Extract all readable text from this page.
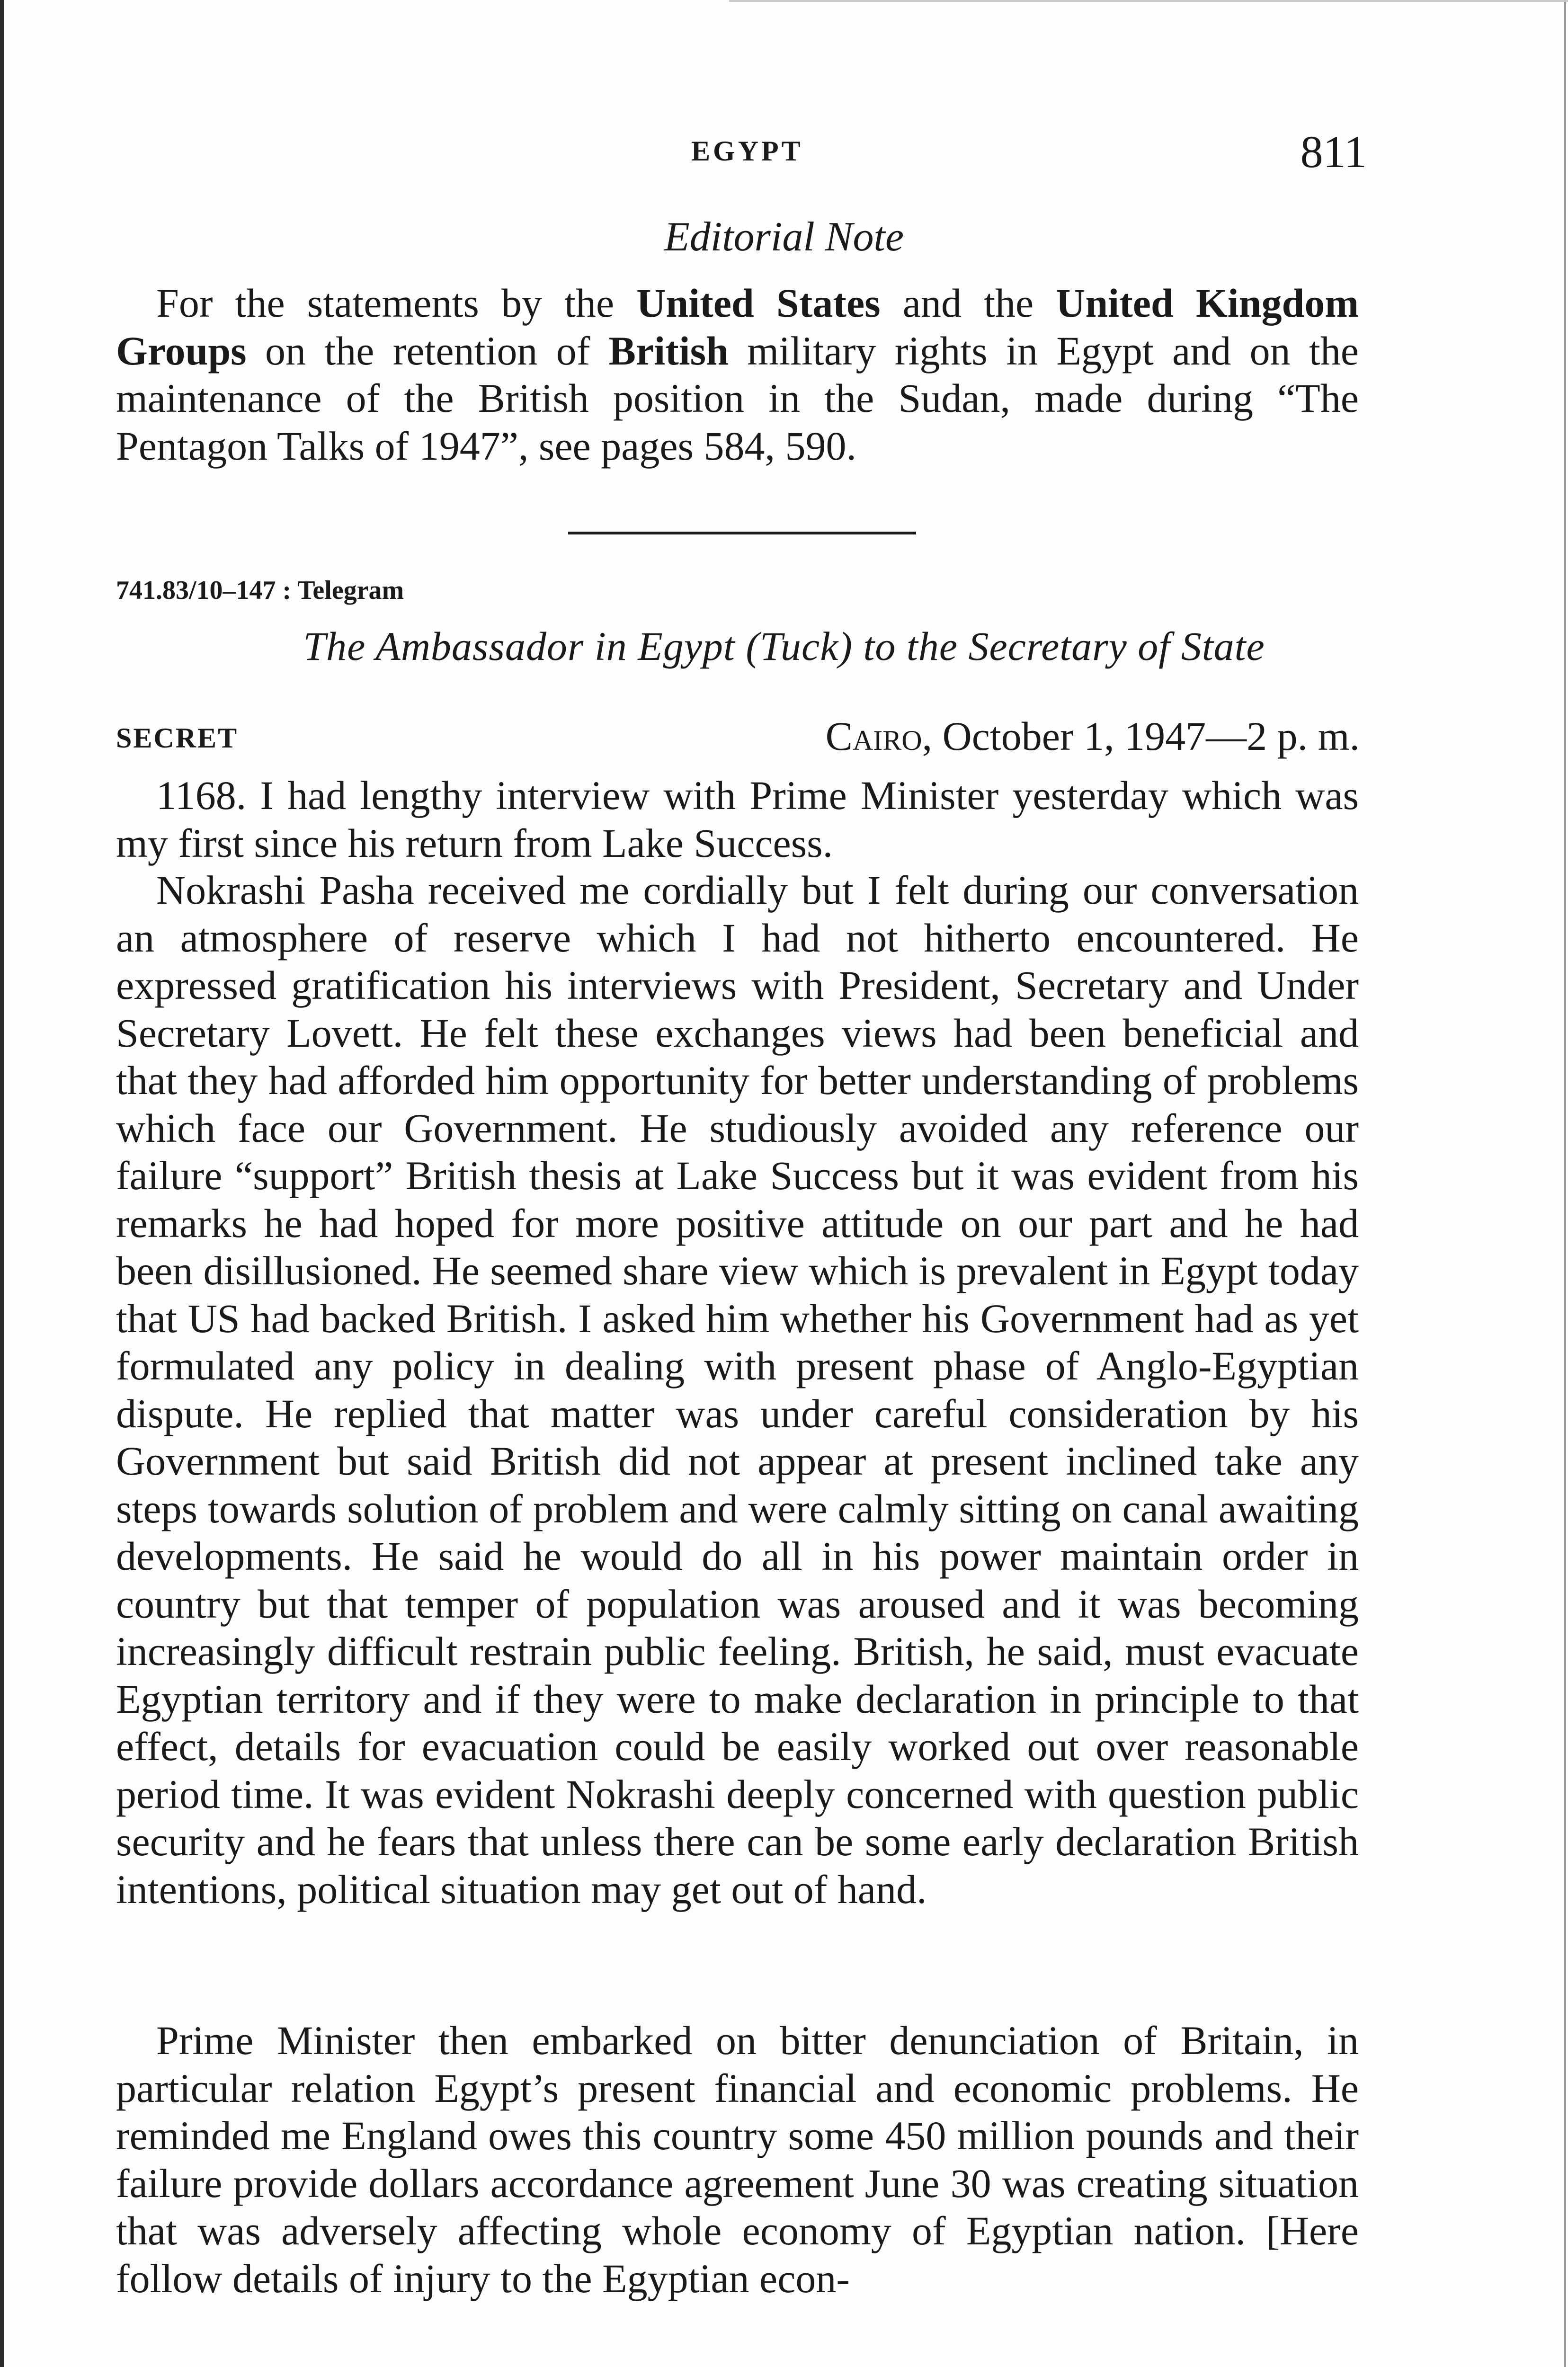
EGYPT	811
Editorial Note

For the statements by the United States and the United Kingdom Groups on the retention of British military rights in Egypt and on the maintenance of the British position in the Sudan, made during “The Pentagon Talks of 1947”, see pages 584, 590.

741.83/10–147 : Telegram
The Ambassador in Egypt (Tuck) to the Secretary of State
SECRET	Cairo, October 1, 1947—2 p. m.

1168. I had lengthy interview with Prime Minister yesterday which was my first since his return from Lake Success.

Nokrashi Pasha received me cordially but I felt during our conversation an atmosphere of reserve which I had not hitherto encountered. He expressed gratification his interviews with President, Secretary and Under Secretary Lovett. He felt these exchanges views had been beneficial and that they had afforded him opportunity for better understanding of problems which face our Government. He studiously avoided any reference our failure “support” British thesis at Lake Success but it was evident from his remarks he had hoped for more positive attitude on our part and he had been disillusioned. He seemed share view which is prevalent in Egypt today that US had backed British. I asked him whether his Government had as yet formulated any policy in dealing with present phase of Anglo-Egyptian dispute. He replied that matter was under careful consideration by his Government but said British did not appear at present inclined take any steps towards solution of problem and were calmly sitting on canal awaiting developments. He said he would do all in his power maintain order in country but that temper of population was aroused and it was becoming increasingly difficult restrain public feeling. British, he said, must evacuate Egyptian territory and if they were to make declaration in principle to that effect, details for evacuation could be easily worked out over reasonable period time. It was evident Nokrashi deeply concerned with question public security and he fears that unless there can be some early declaration British intentions, political situation may get out of hand.

Prime Minister then embarked on bitter denunciation of Britain, in particular relation Egypt’s present financial and economic problems. He reminded me England owes this country some 450 million pounds and their failure provide dollars accordance agreement June 30 was creating situation that was adversely affecting whole economy of Egyptian nation. [Here follow details of injury to the Egyptian econ-
